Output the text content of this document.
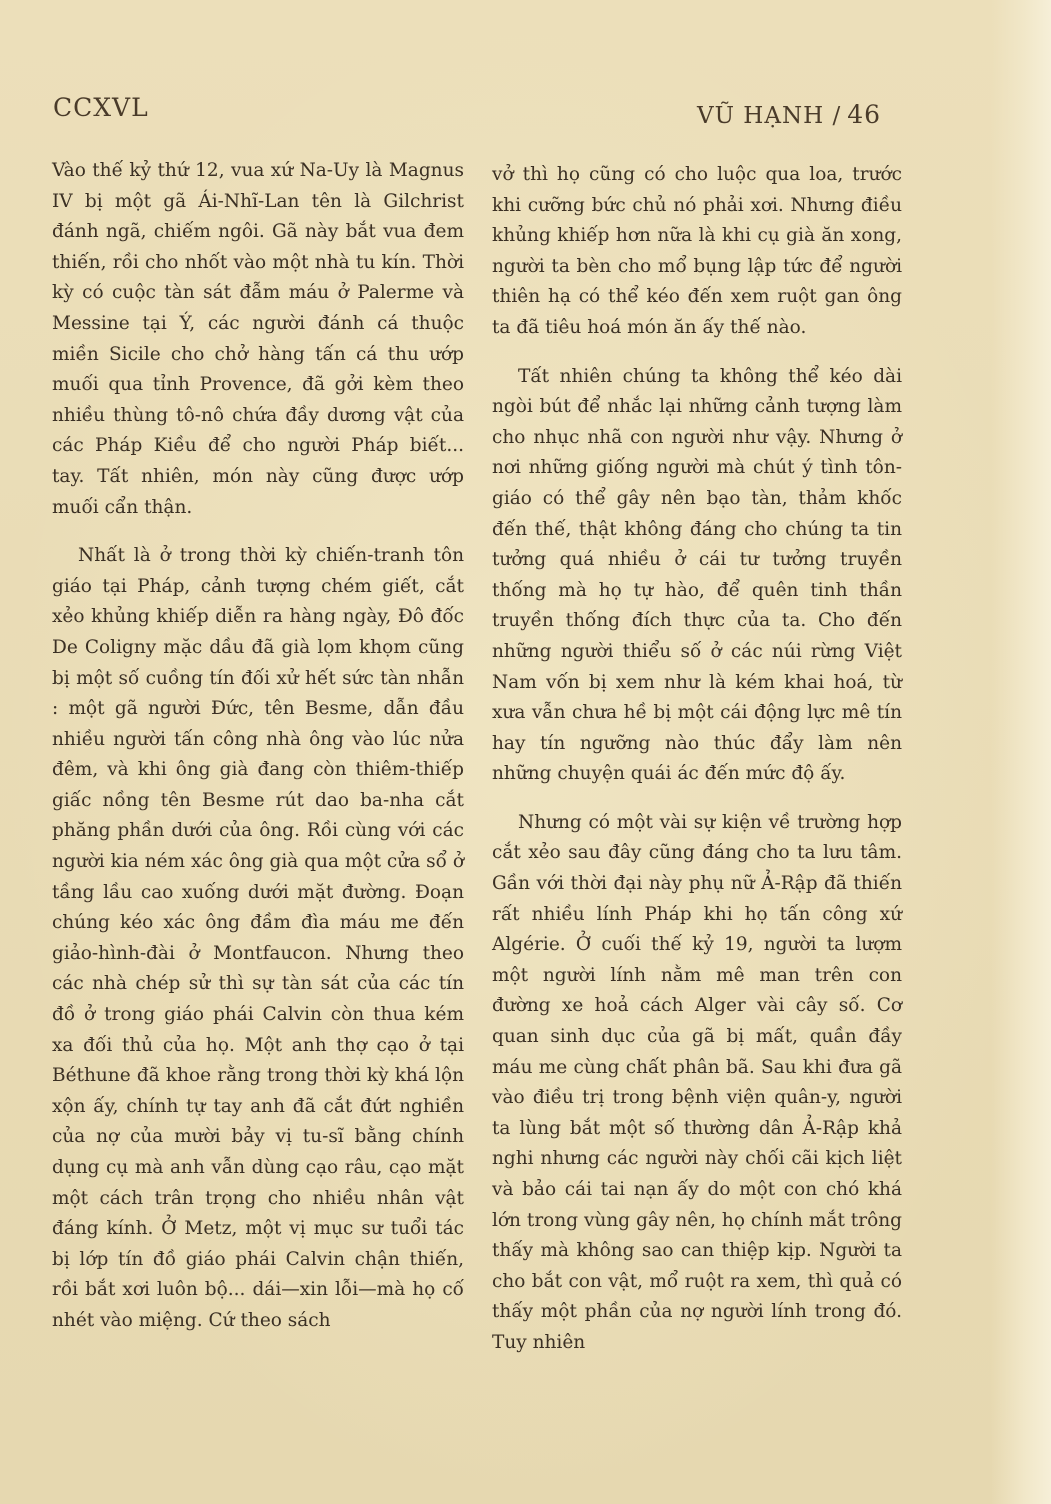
CCXVL	VŨ HẠNH / 46

Vào thế kỷ thứ 12, vua xứ Na-Uy là Magnus IV bị một gã Ái-Nhĩ-Lan tên là Gilchrist đánh ngã, chiếm ngôi. Gã này bắt vua đem thiến, rồi cho nhốt vào một nhà tu kín. Thời kỳ có cuộc tàn sát đẫm máu ở Palerme và Messine tại Ý, các người đánh cá thuộc miền Sicile cho chở hàng tấn cá thu ướp muối qua tỉnh Provence, đã gởi kèm theo nhiều thùng tô-nô chứa đầy dương vật của các Pháp Kiều để cho người Pháp biết... tay. Tất nhiên, món này cũng được ướp muối cẩn thận.

Nhất là ở trong thời kỳ chiến-tranh tôn giáo tại Pháp, cảnh tượng chém giết, cắt xẻo khủng khiếp diễn ra hàng ngày, Đô đốc De Coligny mặc dầu đã già lọm khọm cũng bị một số cuồng tín đối xử hết sức tàn nhẫn : một gã người Đức, tên Besme, dẫn đầu nhiều người tấn công nhà ông vào lúc nửa đêm, và khi ông già đang còn thiêm-thiếp giấc nồng tên Besme rút dao ba-nha cắt phăng phần dưới của ông. Rồi cùng với các người kia ném xác ông già qua một cửa sổ ở tầng lầu cao xuống dưới mặt đường. Đoạn chúng kéo xác ông đầm đìa máu me đến giảo-hình-đài ở Montfaucon. Nhưng theo các nhà chép sử thì sự tàn sát của các tín đồ ở trong giáo phái Calvin còn thua kém xa đối thủ của họ. Một anh thợ cạo ở tại Béthune đã khoe rằng trong thời kỳ khá lộn xộn ấy, chính tự tay anh đã cắt đứt nghiền của nợ của mười bảy vị tu-sĩ bằng chính dụng cụ mà anh vẫn dùng cạo râu, cạo mặt một cách trân trọng cho nhiều nhân vật đáng kính. Ở Metz, một vị mục sư tuổi tác bị lớp tín đồ giáo phái Calvin chận thiến, rồi bắt xơi luôn bộ... dái—xin lỗi—mà họ cố nhét vào miệng. Cứ theo sách

vở thì họ cũng có cho luộc qua loa, trước khi cưỡng bức chủ nó phải xơi. Nhưng điều khủng khiếp hơn nữa là khi cụ già ăn xong, người ta bèn cho mổ bụng lập tức để người thiên hạ có thể kéo đến xem ruột gan ông ta đã tiêu hoá món ăn ấy thế nào.

Tất nhiên chúng ta không thể kéo dài ngòi bút để nhắc lại những cảnh tượng làm cho nhục nhã con người như vậy. Nhưng ở nơi những giống người mà chút ý tình tôn-giáo có thể gây nên bạo tàn, thảm khốc đến thế, thật không đáng cho chúng ta tin tưởng quá nhiều ở cái tư tưởng truyền thống mà họ tự hào, để quên tinh thần truyền thống đích thực của ta. Cho đến những người thiểu số ở các núi rừng Việt Nam vốn bị xem như là kém khai hoá, từ xưa vẫn chưa hề bị một cái động lực mê tín hay tín ngưỡng nào thúc đẩy làm nên những chuyện quái ác đến mức độ ấy.

Nhưng có một vài sự kiện về trường hợp cắt xẻo sau đây cũng đáng cho ta lưu tâm. Gần với thời đại này phụ nữ Ả-Rập đã thiến rất nhiều lính Pháp khi họ tấn công xứ Algérie. Ở cuối thế kỷ 19, người ta lượm một người lính nằm mê man trên con đường xe hoả cách Alger vài cây số. Cơ quan sinh dục của gã bị mất, quần đầy máu me cùng chất phân bã. Sau khi đưa gã vào điều trị trong bệnh viện quân-y, người ta lùng bắt một số thường dân Ả-Rập khả nghi nhưng các người này chối cãi kịch liệt và bảo cái tai nạn ấy do một con chó khá lớn trong vùng gây nên, họ chính mắt trông thấy mà không sao can thiệp kịp. Người ta cho bắt con vật, mổ ruột ra xem, thì quả có thấy một phần của nợ người lính trong đó. Tuy nhiên
